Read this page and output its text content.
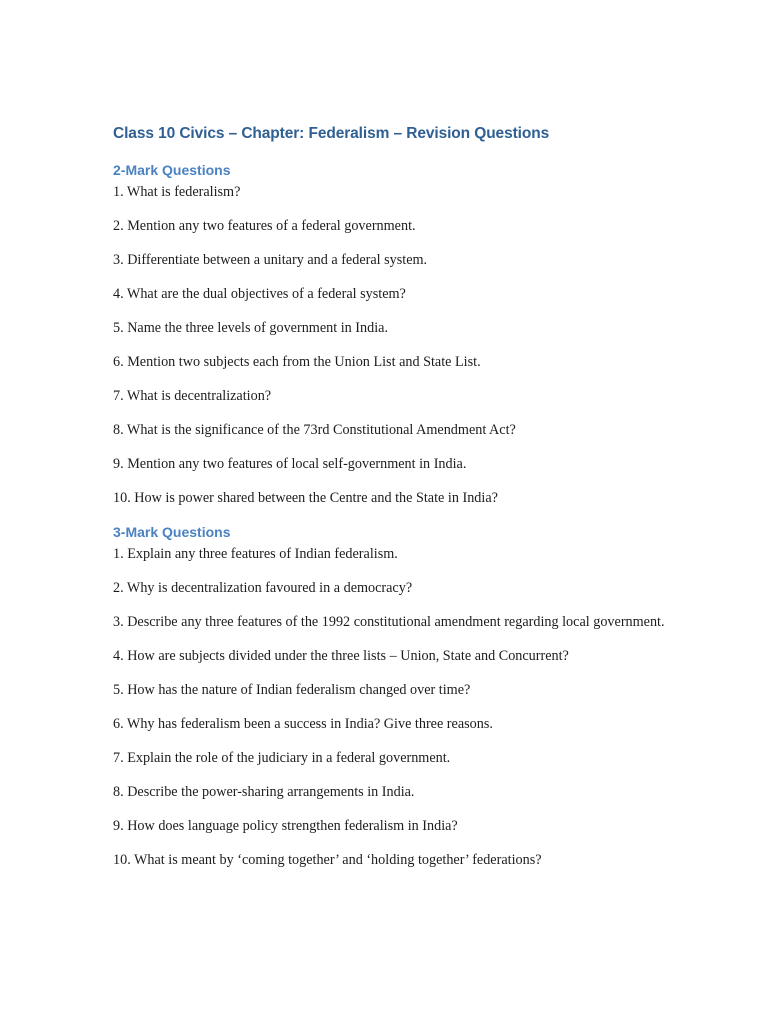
Class 10 Civics – Chapter: Federalism – Revision Questions
2-Mark Questions
1. What is federalism?
2. Mention any two features of a federal government.
3. Differentiate between a unitary and a federal system.
4. What are the dual objectives of a federal system?
5. Name the three levels of government in India.
6. Mention two subjects each from the Union List and State List.
7. What is decentralization?
8. What is the significance of the 73rd Constitutional Amendment Act?
9. Mention any two features of local self-government in India.
10. How is power shared between the Centre and the State in India?
3-Mark Questions
1. Explain any three features of Indian federalism.
2. Why is decentralization favoured in a democracy?
3. Describe any three features of the 1992 constitutional amendment regarding local government.
4. How are subjects divided under the three lists – Union, State and Concurrent?
5. How has the nature of Indian federalism changed over time?
6. Why has federalism been a success in India? Give three reasons.
7. Explain the role of the judiciary in a federal government.
8. Describe the power-sharing arrangements in India.
9. How does language policy strengthen federalism in India?
10. What is meant by ‘coming together’ and ‘holding together’ federations?
